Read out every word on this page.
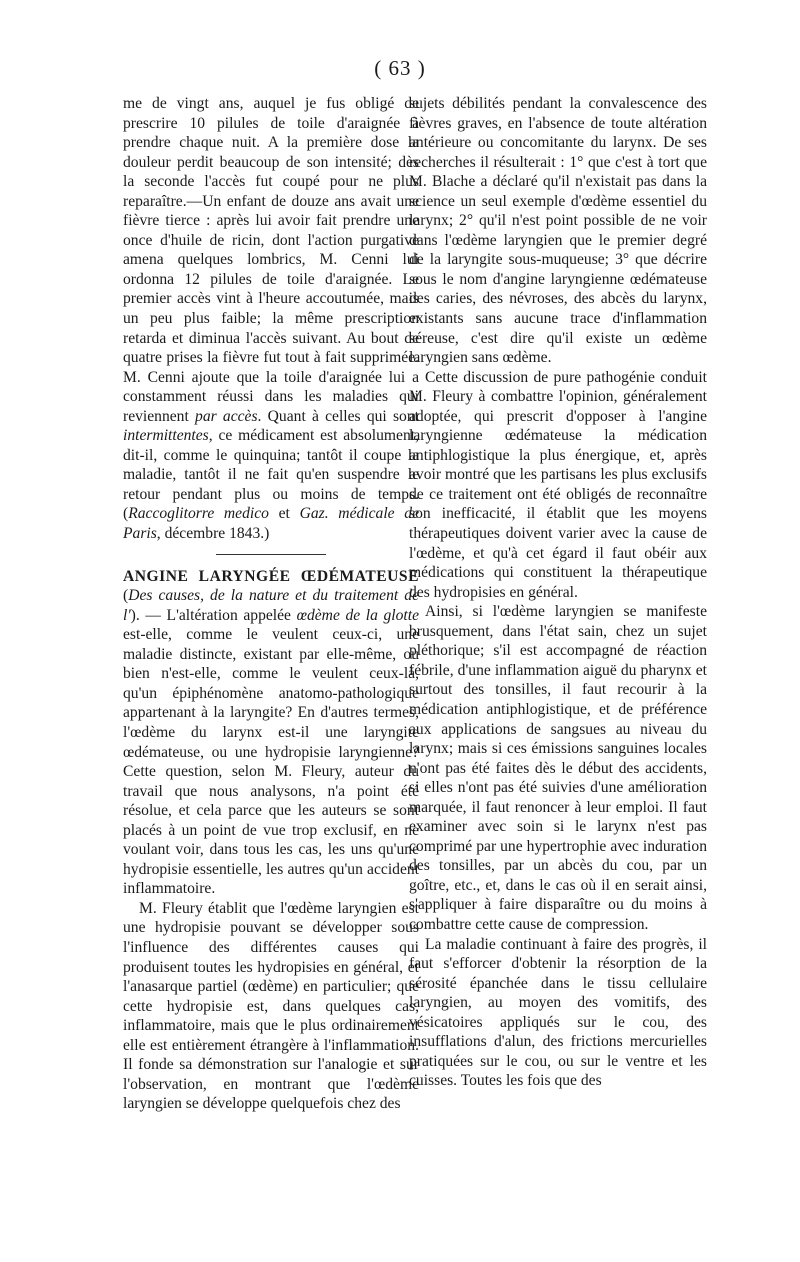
( 63 )

me de vingt ans, auquel je fus obligé de prescrire 10 pilules de toile d'araignée à prendre chaque nuit. A la première dose la douleur perdit beaucoup de son intensité; dès la seconde l'accès fut coupé pour ne plus reparaître.—Un enfant de douze ans avait une fièvre tierce : après lui avoir fait prendre une once d'huile de ricin, dont l'action purgative amena quelques lombrics, M. Cenni lui ordonna 12 pilules de toile d'araignée. Le premier accès vint à l'heure accoutumée, mais un peu plus faible; la même prescription retarda et diminua l'accès suivant. Au bout de quatre prises la fièvre fut tout à fait supprimée. M. Cenni ajoute que la toile d'araignée lui a constamment réussi dans les maladies qui reviennent par accès. Quant à celles qui sont intermittentes, ce médicament est absolument, dit-il, comme le quinquina; tantôt il coupe la maladie, tantôt il ne fait qu'en suspendre le retour pendant plus ou moins de temps. (Raccoglitorre medico et Gaz. médicale de Paris, décembre 1843.)

ANGINE LARYNGÉE ŒDÉMATEUSE (Des causes, de la nature et du traitement de l'). — L'altération appelée œdème de la glotte est-elle, comme le veulent ceux-ci, une maladie distincte, existant par elle-même, ou bien n'est-elle, comme le veulent ceux-là, qu'un épiphénomène anatomo-pathologique appartenant à la laryngite? En d'autres termes, l'œdème du larynx est-il une laryngite œdémateuse, ou une hydropisie laryngienne? Cette question, selon M. Fleury, auteur du travail que nous analysons, n'a point été résolue, et cela parce que les auteurs se sont placés à un point de vue trop exclusif, en ne voulant voir, dans tous les cas, les uns qu'une hydropisie essentielle, les autres qu'un accident inflammatoire.

M. Fleury établit que l'œdème laryngien est une hydropisie pouvant se développer sous l'influence des différentes causes qui produisent toutes les hydropisies en général, et l'anasarque partiel (œdème) en particulier; que cette hydropisie est, dans quelques cas, inflammatoire, mais que le plus ordinairement elle est entièrement étrangère à l'inflammation. Il fonde sa démonstration sur l'analogie et sur l'observation, en montrant que l'œdème laryngien se développe quelquefois chez des

sujets débilités pendant la convalescence des fièvres graves, en l'absence de toute altération antérieure ou concomitante du larynx. De ses recherches il résulterait : 1° que c'est à tort que M. Blache a déclaré qu'il n'existait pas dans la science un seul exemple d'œdème essentiel du larynx; 2° qu'il n'est point possible de ne voir dans l'œdème laryngien que le premier degré de la laryngite sous-muqueuse; 3° que décrire sous le nom d'angine laryngienne œdémateuse des caries, des névroses, des abcès du larynx, existants sans aucune trace d'inflammation séreuse, c'est dire qu'il existe un œdème laryngien sans œdème.

Cette discussion de pure pathogénie conduit M. Fleury à combattre l'opinion, généralement adoptée, qui prescrit d'opposer à l'angine laryngienne œdémateuse la médication antiphlogistique la plus énergique, et, après avoir montré que les partisans les plus exclusifs de ce traitement ont été obligés de reconnaître son inefficacité, il établit que les moyens thérapeutiques doivent varier avec la cause de l'œdème, et qu'à cet égard il faut obéir aux médications qui constituent la thérapeutique des hydropisies en général.

Ainsi, si l'œdème laryngien se manifeste brusquement, dans l'état sain, chez un sujet pléthorique; s'il est accompagné de réaction fébrile, d'une inflammation aiguë du pharynx et surtout des tonsilles, il faut recourir à la médication antiphlogistique, et de préférence aux applications de sangsues au niveau du larynx; mais si ces émissions sanguines locales n'ont pas été faites dès le début des accidents, si elles n'ont pas été suivies d'une amélioration marquée, il faut renoncer à leur emploi. Il faut examiner avec soin si le larynx n'est pas comprimé par une hypertrophie avec induration des tonsilles, par un abcès du cou, par un goître, etc., et, dans le cas où il en serait ainsi, s'appliquer à faire disparaître ou du moins à combattre cette cause de compression.

La maladie continuant à faire des progrès, il faut s'efforcer d'obtenir la résorption de la sérosité épanchée dans le tissu cellulaire laryngien, au moyen des vomitifs, des vésicatoires appliqués sur le cou, des insufflations d'alun, des frictions mercurielles pratiquées sur le cou, ou sur le ventre et les cuisses. Toutes les fois que des
